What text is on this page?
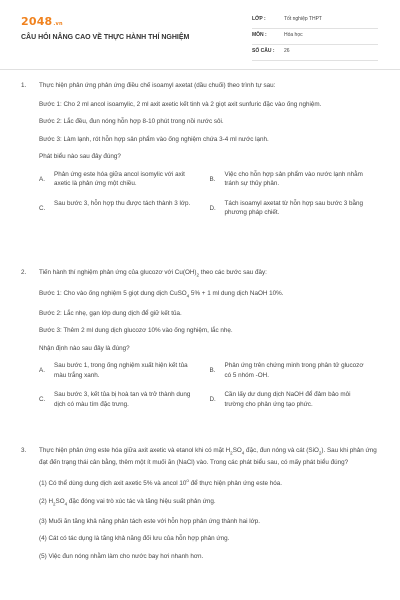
2048.vn
CÂU HỎI NÂNG CAO VỀ THỰC HÀNH THÍ NGHIỆM
LỚP :	Tốt nghiệp THPT
MÔN :	Hóa học
SỐ CÂU : 26
1. Thực hiện phản ứng phản ứng điều chế isoamyl axetat (dầu chuối) theo trình tự sau:

Bước 1: Cho 2 ml ancol isoamylic, 2 ml axit axetic kết tinh và 2 giọt axit sunfuric đặc vào ống nghiệm.

Bước 2: Lắc đều, đun nóng hỗn hợp 8-10 phút trong nồi nước sôi.

Bước 3: Làm lạnh, rót hỗn hợp sản phẩm vào ống nghiệm chứa 3-4 ml nước lạnh.

Phát biểu nào sau đây đúng?

A.
Phản ứng este hóa giữa ancol isomylic với axit axetic là phản ứng một chiều.
B.
Việc cho hỗn hợp sản phẩm vào nước lạnh nhằm tránh sự thủy phân.
C.
Sau bước 3, hỗn hợp thu được tách thành 3 lớp.
D.
Tách isoamyl axetat từ hỗn hợp sau bước 3 bằng phương pháp chiết.
2. Tiến hành thí nghiệm phản ứng của glucozơ với $Cu(OH)_2$ theo các bước sau đây:

Bước 1: Cho vào ống nghiệm 5 giọt dung dịch CuSO$_4$ 5% + 1 ml dung dịch NaOH 10%.

Bước 2: Lắc nhẹ, gạn lớp dung dịch để giữ kết tủa.

Bước 3: Thêm 2 ml dung dịch glucozơ 10% vào ống nghiệm, lắc nhẹ.

Nhận định nào sau đây là đúng?

A.
Sau bước 1, trong ống nghiệm xuất hiện kết tủa màu trắng xanh.
B.
Phản ứng trên chứng minh trong phân tử glucozơ có 5 nhóm -OH.
C.
Sau bước 3, kết tủa bị hoà tan và trở thành dung dịch có màu tím đặc trưng.
D.
Cần lấy dư dung dịch NaOH để đảm bảo môi trường cho phản ứng tạo phức.
3. Thực hiện phản ứng este hóa giữa axit axetic và etanol khi có mặt $H_2SO_4$ đặc, đun nóng và cát (SiO$_2$). Sau khi phản ứng đạt đến trạng thái cân bằng, thêm một ít muối ăn (NaCl) vào. Trong các phát biểu sau, có mấy phát biểu đúng?

(1) Có thể dùng dung dịch axit axetic 5% và ancol 10$^o$ để thực hiện phản ứng este hóa.

(2) $H_2SO_4$ đặc đóng vai trò xúc tác và tăng hiệu suất phản ứng.

(3) Muối ăn tăng khả năng phân tách este với hỗn hợp phản ứng thành hai lớp.

(4) Cát có tác dụng là tăng khả năng đối lưu của hỗn hợp phản ứng.

(5) Việc đun nóng nhằm làm cho nước bay hơi nhanh hơn.
